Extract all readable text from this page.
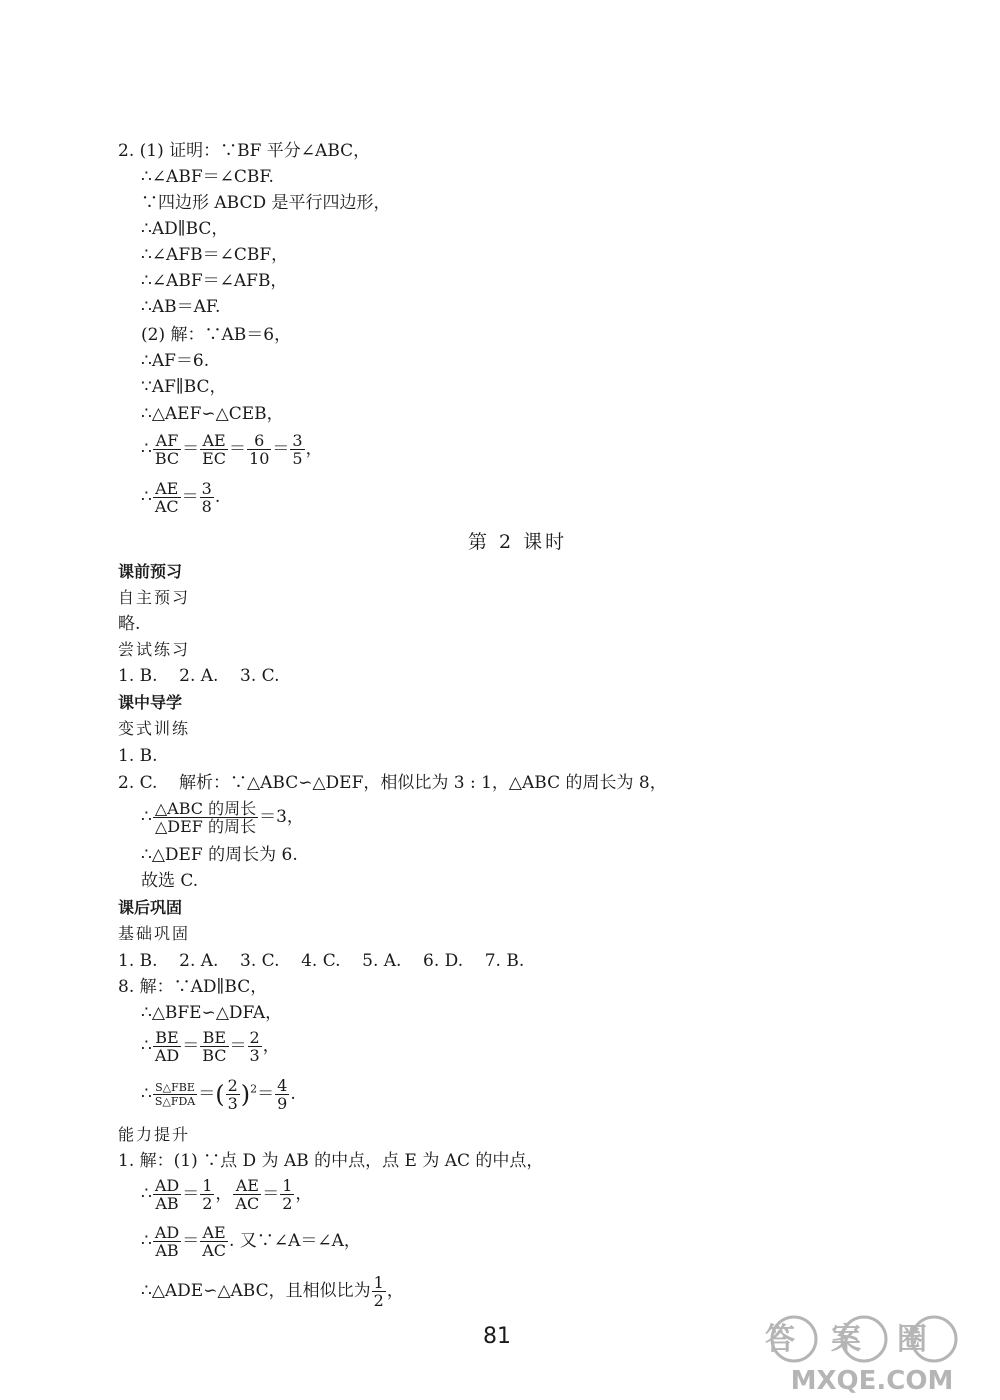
2. (1) 证明：∵BF 平分∠ABC，
∴∠ABF＝∠CBF.
∵四边形 ABCD 是平行四边形，
∴AD∥BC，
∴∠AFB＝∠CBF，
∴∠ABF＝∠AFB，
∴AB＝AF.
(2) 解：∵AB＝6，
∴AF＝6.
∵AF∥BC，
∴△AEF∽△CEB，
∴ $\frac{AF}{BC} = \frac{AE}{EC} = \frac{6}{10} = \frac{3}{5}$ ，
∴ $\frac{AE}{AC} = \frac{3}{8}$ .
第 2 课时
课前预习
自主预习
略.
尝试练习
1. B.    2. A.    3. C.
课中导学
变式训练
1. B.
2. C.    解析：∵△ABC∽△DEF，相似比为 3 : 1，△ABC 的周长为 8，
∴ $\frac{\text{△ABC 的周长}}{\text{△DEF 的周长}} =3$，
∴△DEF 的周长为 6.
故选 C.
课后巩固
基础巩固
1. B.    2. A.    3. C.    4. C.    5. A.    6. D.    7. B.
8. 解：∵AD∥BC，
∴△BFE∽△DFA，
∴ $\frac{BE}{AD} = \frac{BE}{BC} = \frac{2}{3}$ ，
∴ $\frac{\text{S△FBE}}{\text{S△FDA}}$ ＝( $\frac{2}{3} )^2= \frac{4}{9}$ .
能力提升
1. 解：(1) ∵点 D 为 AB 的中点，点 E 为 AC 的中点，
∴ $\frac{AD}{AB} = \frac{1}{2}$ ， $\frac{AE}{AC} = \frac{1}{2}$ ，
∴ $\frac{AD}{AB} = \frac{AE}{AC}$ . 又∵∠A＝∠A，
∴△ADE∽△ABC，且相似比为 $\frac{1}{2}$ ，
81	答案圈
MXQE.COM
